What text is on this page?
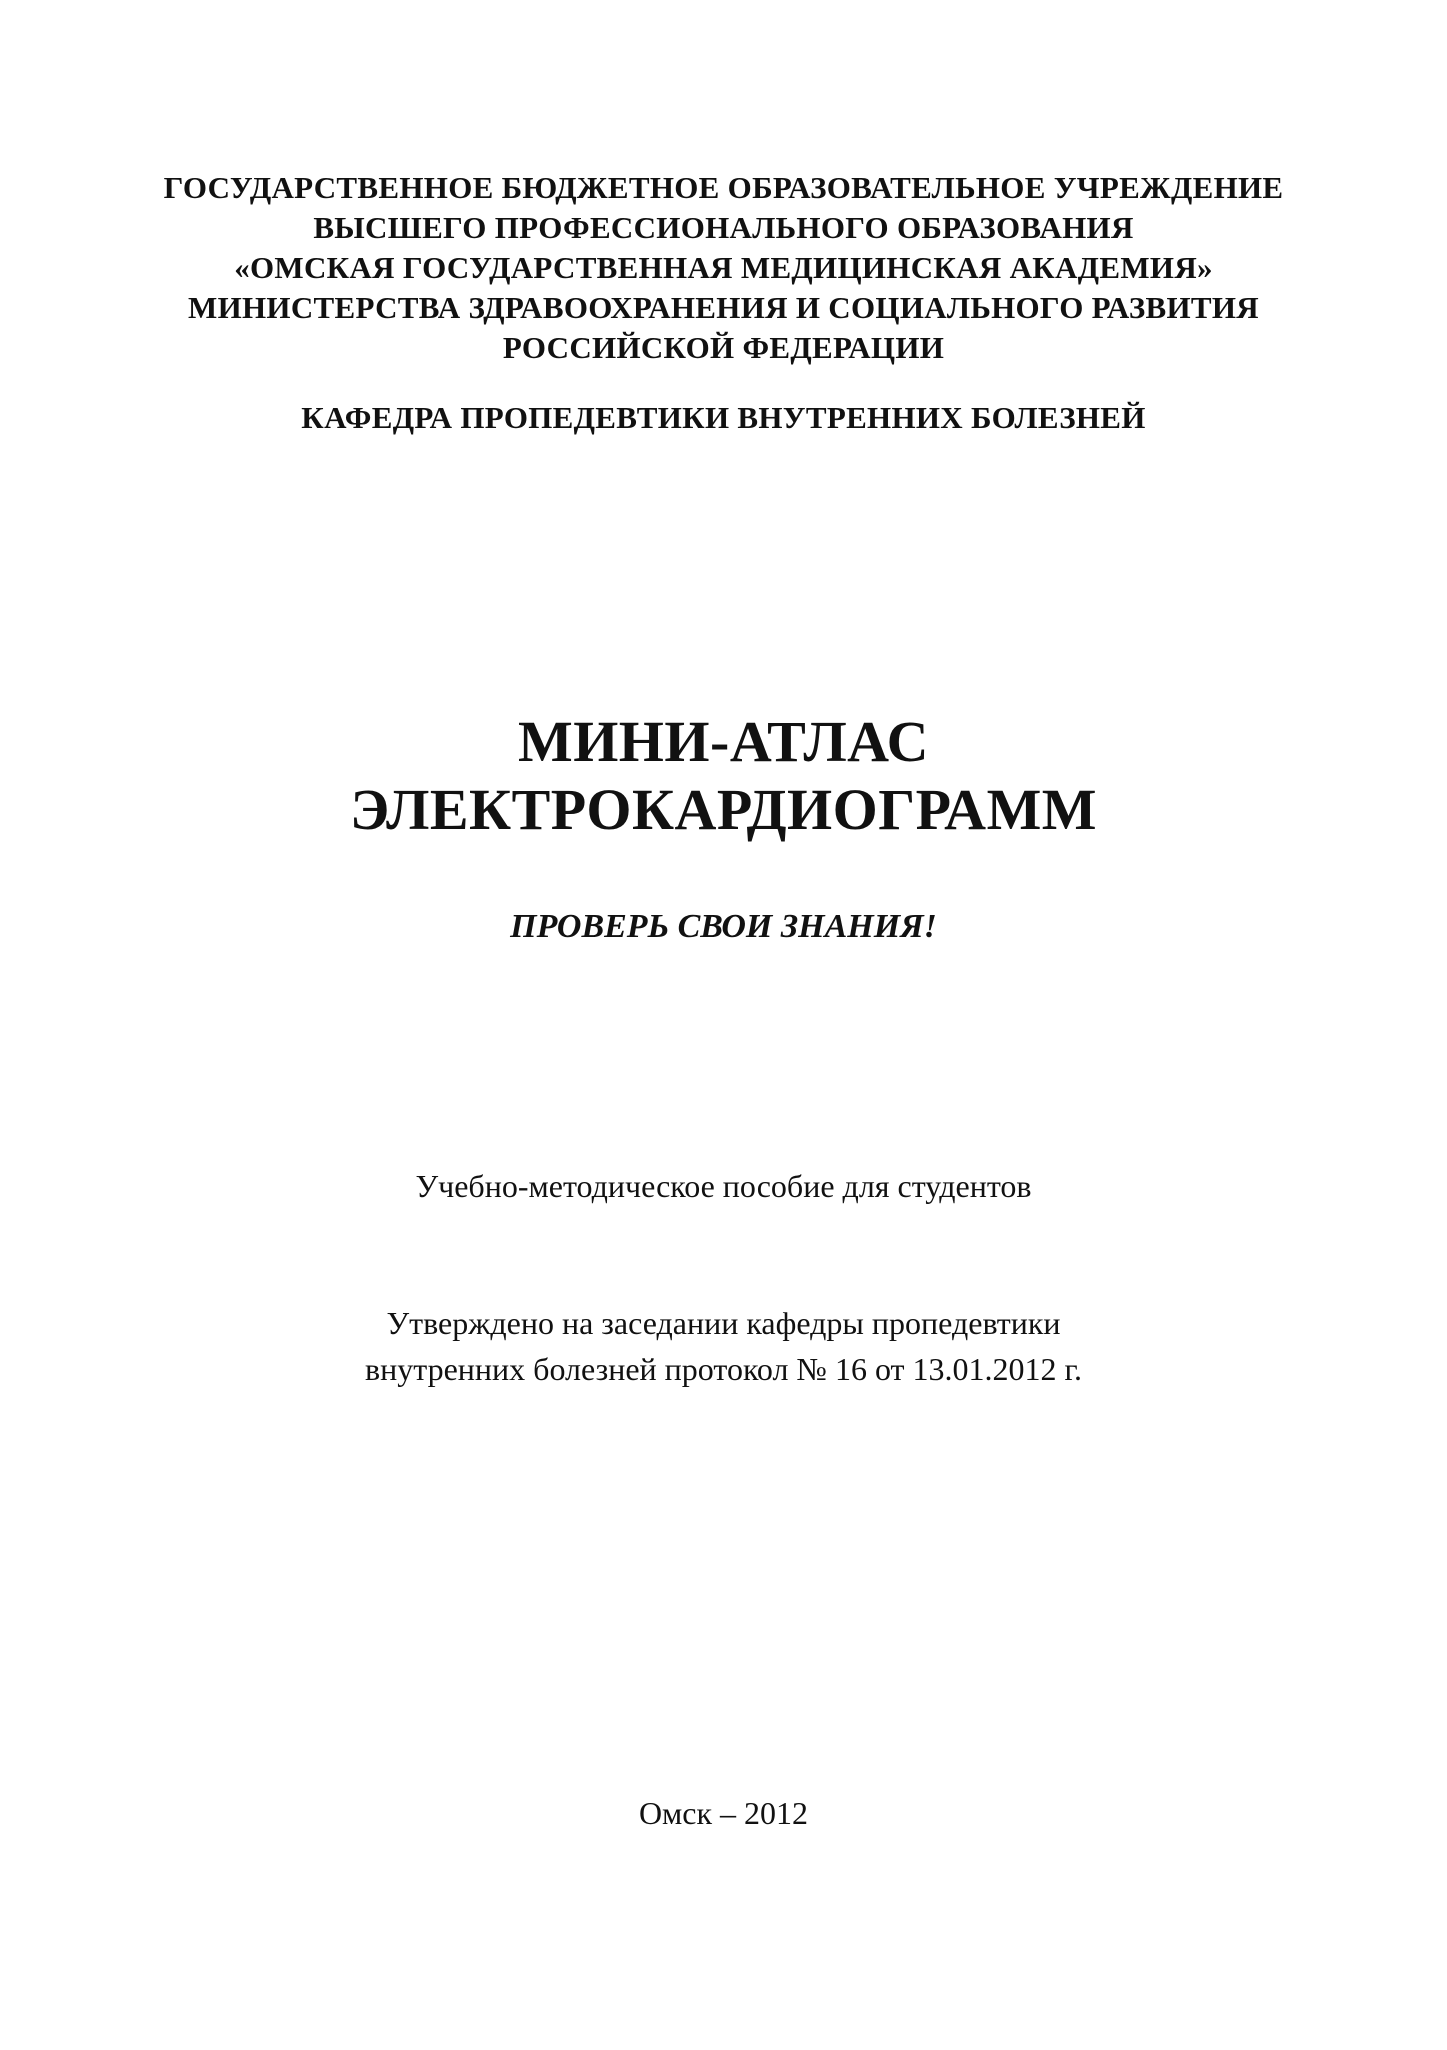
ГОСУДАРСТВЕННОЕ БЮДЖЕТНОЕ ОБРАЗОВАТЕЛЬНОЕ УЧРЕЖДЕНИЕ
ВЫСШЕГО ПРОФЕССИОНАЛЬНОГО ОБРАЗОВАНИЯ
«ОМСКАЯ ГОСУДАРСТВЕННАЯ МЕДИЦИНСКАЯ АКАДЕМИЯ»
МИНИСТЕРСТВА ЗДРАВООХРАНЕНИЯ И СОЦИАЛЬНОГО РАЗВИТИЯ
РОССИЙСКОЙ ФЕДЕРАЦИИ
КАФЕДРА ПРОПЕДЕВТИКИ ВНУТРЕННИХ БОЛЕЗНЕЙ
МИНИ-АТЛАС
ЭЛЕКТРОКАРДИОГРАММ
ПРОВЕРЬ СВОИ ЗНАНИЯ!
Учебно-методическое пособие для студентов
Утверждено на заседании кафедры пропедевтики
внутренних болезней протокол № 16 от 13.01.2012 г.
Омск – 2012
